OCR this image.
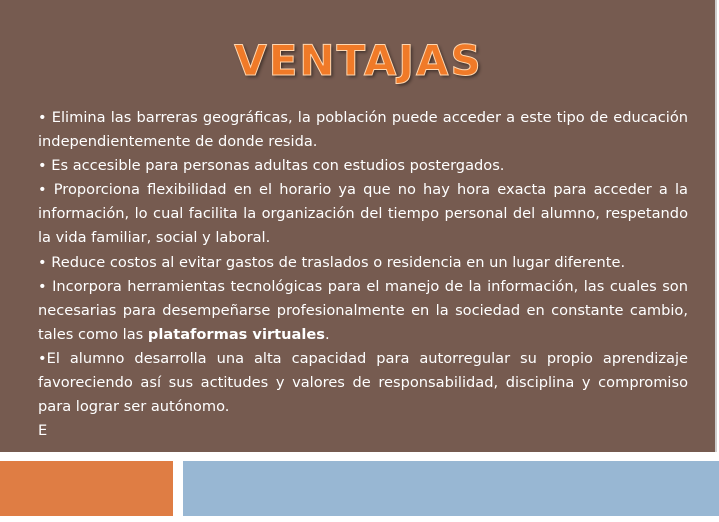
VENTAJAS

• Elimina las barreras geográficas, la población puede acceder a este tipo de educación independientemente de donde resida.

• Es accesible para personas adultas con estudios postergados.

• Proporciona flexibilidad en el horario ya que no hay hora exacta para acceder a la información, lo cual facilita la organización del tiempo personal del alumno, respetando la vida familiar, social y laboral.

• Reduce costos al evitar gastos de traslados o residencia en un lugar diferente.

• Incorpora herramientas tecnológicas para el manejo de la información, las cuales son necesarias para desempeñarse profesionalmente en la sociedad en constante cambio, tales como las plataformas virtuales.

•El alumno desarrolla una alta capacidad para autorregular su propio aprendizaje favoreciendo así sus actitudes y valores de responsabilidad, disciplina y compromiso para lograr ser autónomo.

E
